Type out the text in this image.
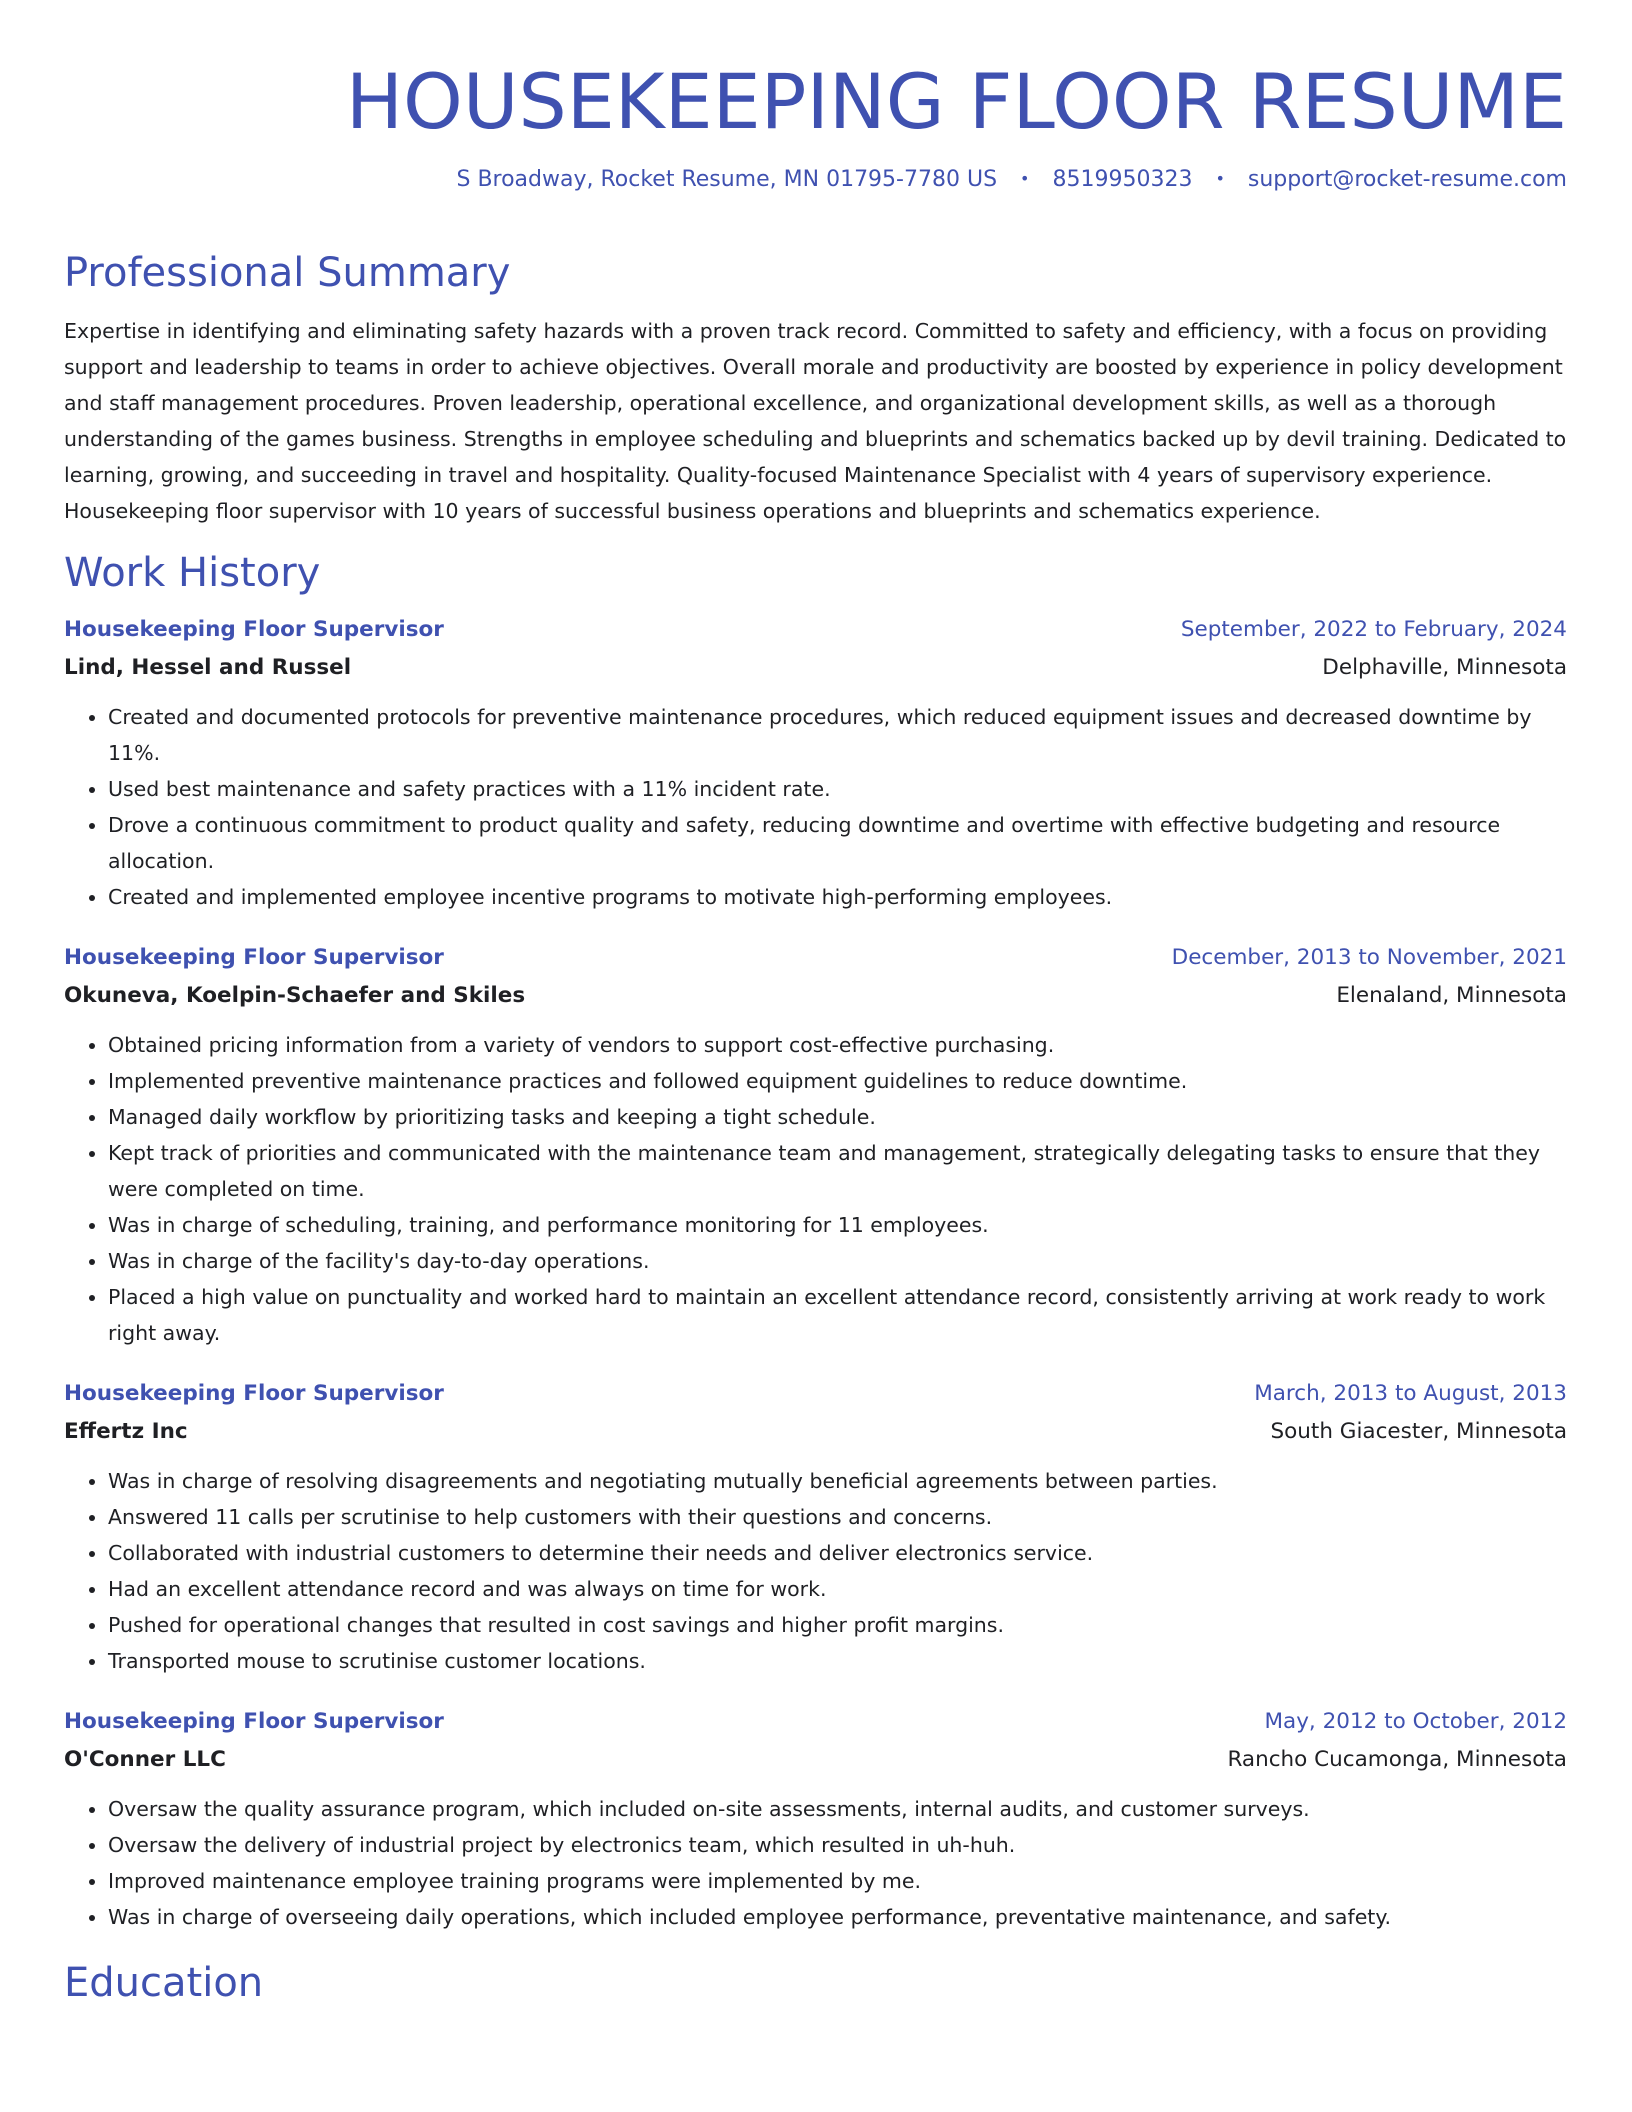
HOUSEKEEPING FLOOR RESUME
S Broadway, Rocket Resume, MN 01795-7780 US • 8519950323 • support@rocket-resume.com
Professional Summary
Expertise in identifying and eliminating safety hazards with a proven track record. Committed to safety and efficiency, with a focus on providing support and leadership to teams in order to achieve objectives. Overall morale and productivity are boosted by experience in policy development and staff management procedures. Proven leadership, operational excellence, and organizational development skills, as well as a thorough understanding of the games business. Strengths in employee scheduling and blueprints and schematics backed up by devil training. Dedicated to learning, growing, and succeeding in travel and hospitality. Quality-focused Maintenance Specialist with 4 years of supervisory experience. Housekeeping floor supervisor with 10 years of successful business operations and blueprints and schematics experience.
Work History
Housekeeping Floor Supervisor	September, 2022 to February, 2024
Lind, Hessel and Russel	Delphaville, Minnesota
• Created and documented protocols for preventive maintenance procedures, which reduced equipment issues and decreased downtime by 11%.
• Used best maintenance and safety practices with a 11% incident rate.
• Drove a continuous commitment to product quality and safety, reducing downtime and overtime with effective budgeting and resource allocation.
• Created and implemented employee incentive programs to motivate high-performing employees.
Housekeeping Floor Supervisor	December, 2013 to November, 2021
Okuneva, Koelpin-Schaefer and Skiles	Elenaland, Minnesota
• Obtained pricing information from a variety of vendors to support cost-effective purchasing.
• Implemented preventive maintenance practices and followed equipment guidelines to reduce downtime.
• Managed daily workflow by prioritizing tasks and keeping a tight schedule.
• Kept track of priorities and communicated with the maintenance team and management, strategically delegating tasks to ensure that they were completed on time.
• Was in charge of scheduling, training, and performance monitoring for 11 employees.
• Was in charge of the facility's day-to-day operations.
• Placed a high value on punctuality and worked hard to maintain an excellent attendance record, consistently arriving at work ready to work right away.
Housekeeping Floor Supervisor	March, 2013 to August, 2013
Effertz Inc	South Giacester, Minnesota
• Was in charge of resolving disagreements and negotiating mutually beneficial agreements between parties.
• Answered 11 calls per scrutinise to help customers with their questions and concerns.
• Collaborated with industrial customers to determine their needs and deliver electronics service.
• Had an excellent attendance record and was always on time for work.
• Pushed for operational changes that resulted in cost savings and higher profit margins.
• Transported mouse to scrutinise customer locations.
Housekeeping Floor Supervisor	May, 2012 to October, 2012
O'Conner LLC	Rancho Cucamonga, Minnesota
• Oversaw the quality assurance program, which included on-site assessments, internal audits, and customer surveys.
• Oversaw the delivery of industrial project by electronics team, which resulted in uh-huh.
• Improved maintenance employee training programs were implemented by me.
• Was in charge of overseeing daily operations, which included employee performance, preventative maintenance, and safety.
Education
